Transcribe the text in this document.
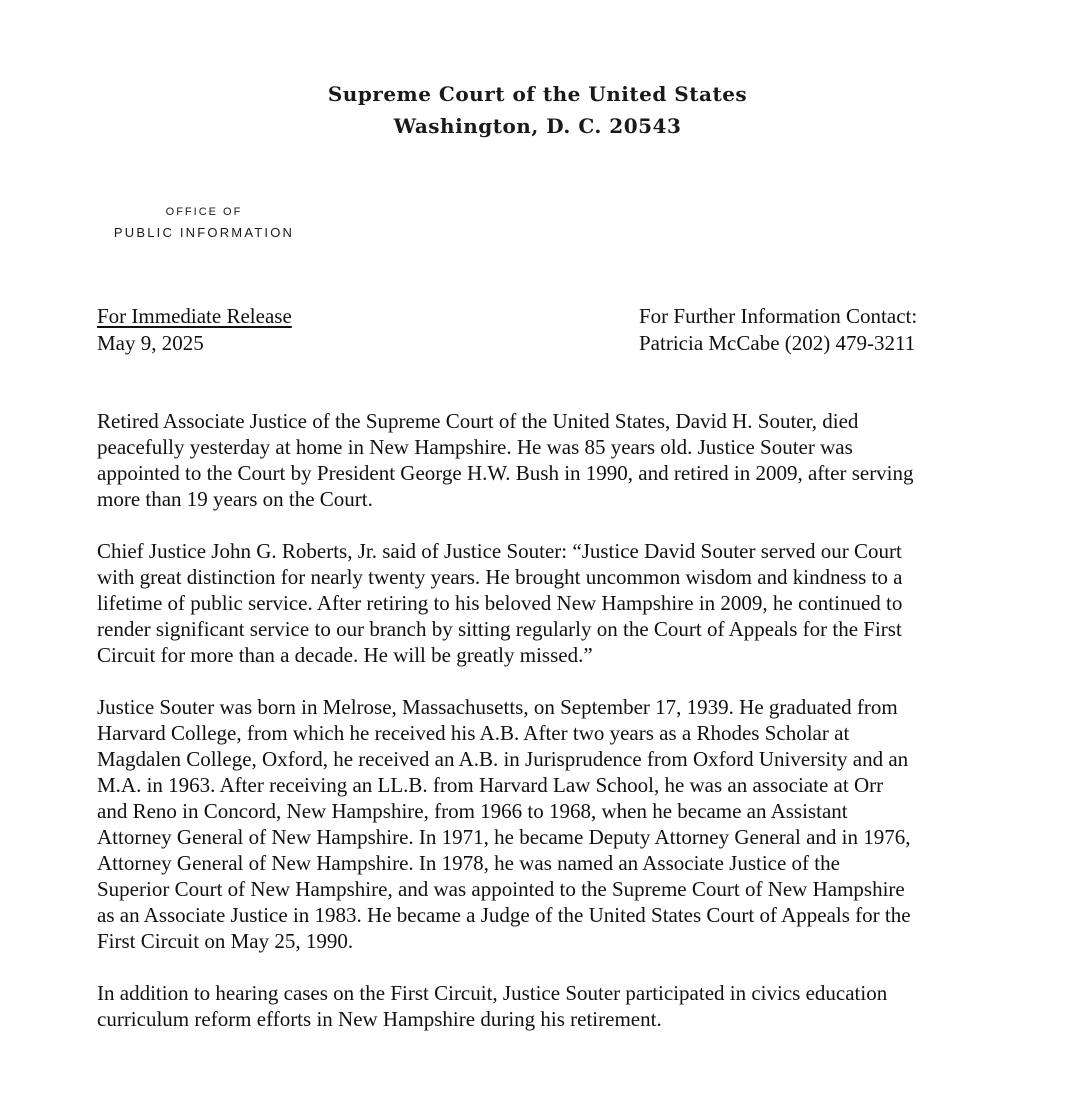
Supreme Court of the United States
Washington, D. C. 20543
OFFICE OF
PUBLIC INFORMATION
For Immediate Release
May 9, 2025
For Further Information Contact:
Patricia McCabe (202) 479-3211

Retired Associate Justice of the Supreme Court of the United States, David H. Souter, died
peacefully yesterday at home in New Hampshire. He was 85 years old. Justice Souter was
appointed to the Court by President George H.W. Bush in 1990, and retired in 2009, after serving
more than 19 years on the Court.

Chief Justice John G. Roberts, Jr. said of Justice Souter: “Justice David Souter served our Court
with great distinction for nearly twenty years. He brought uncommon wisdom and kindness to a
lifetime of public service. After retiring to his beloved New Hampshire in 2009, he continued to
render significant service to our branch by sitting regularly on the Court of Appeals for the First
Circuit for more than a decade. He will be greatly missed.”

Justice Souter was born in Melrose, Massachusetts, on September 17, 1939. He graduated from
Harvard College, from which he received his A.B. After two years as a Rhodes Scholar at
Magdalen College, Oxford, he received an A.B. in Jurisprudence from Oxford University and an
M.A. in 1963. After receiving an LL.B. from Harvard Law School, he was an associate at Orr
and Reno in Concord, New Hampshire, from 1966 to 1968, when he became an Assistant
Attorney General of New Hampshire. In 1971, he became Deputy Attorney General and in 1976,
Attorney General of New Hampshire. In 1978, he was named an Associate Justice of the
Superior Court of New Hampshire, and was appointed to the Supreme Court of New Hampshire
as an Associate Justice in 1983. He became a Judge of the United States Court of Appeals for the
First Circuit on May 25, 1990.

In addition to hearing cases on the First Circuit, Justice Souter participated in civics education
curriculum reform efforts in New Hampshire during his retirement.
